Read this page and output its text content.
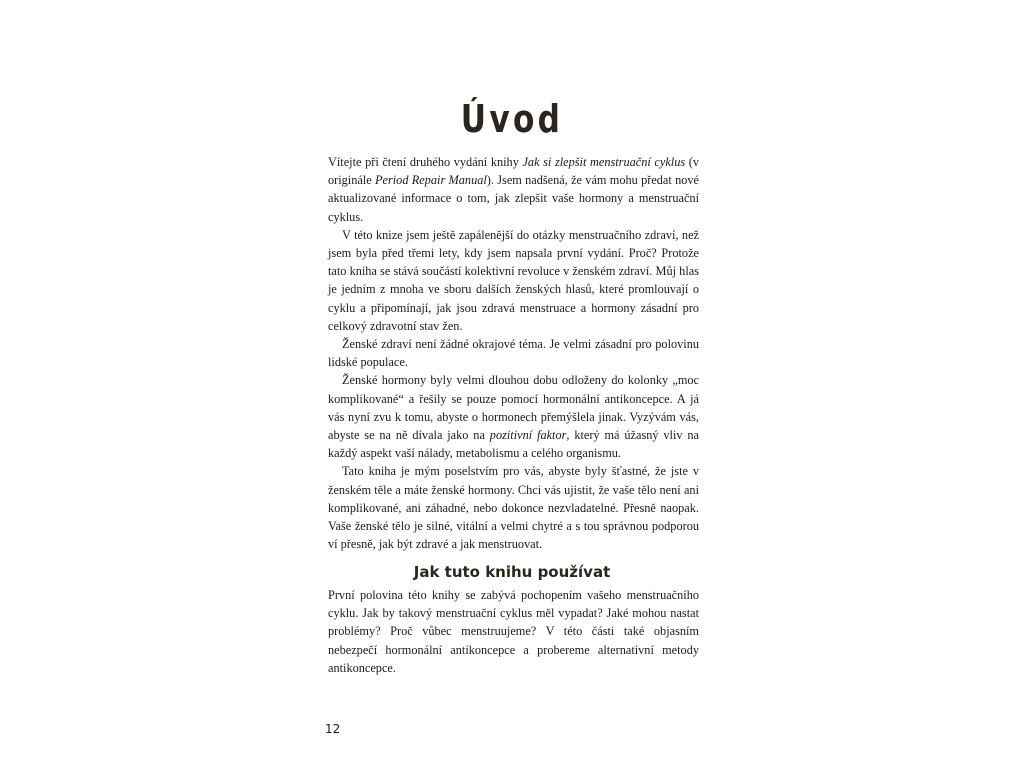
Úvod

Vítejte při čtení druhého vydání knihy Jak si zlepšit menstruační cyklus (v originále Period Repair Manual). Jsem nadšená, že vám mohu předat nové aktualizované informace o tom, jak zlepšit vaše hormony a menstruační cyklus.

V této knize jsem ještě zapálenější do otázky menstruačního zdraví, než jsem byla před třemi lety, kdy jsem napsala první vydání. Proč? Protože tato kniha se stává součástí kolektivní revoluce v ženském zdraví. Můj hlas je jedním z mnoha ve sboru dalších ženských hlasů, které promlouvají o cyklu a připomínají, jak jsou zdravá menstruace a hormony zásadní pro celkový zdravotní stav žen.

Ženské zdraví není žádné okrajové téma. Je velmi zásadní pro polovinu lidské populace.

Ženské hormony byly velmi dlouhou dobu odloženy do kolonky „moc komplikované“ a řešily se pouze pomocí hormonální antikoncepce. A já vás nyní zvu k tomu, abyste o hormonech přemýšlela jinak. Vyzývám vás, abyste se na ně dívala jako na pozitivní faktor, který má úžasný vliv na každý aspekt vaší nálady, metabolismu a celého organismu.

Tato kniha je mým poselstvím pro vás, abyste byly šťastné, že jste v ženském těle a máte ženské hormony. Chci vás ujistit, že vaše tělo není ani komplikované, ani záhadné, nebo dokonce nezvladatelné. Přesně naopak. Vaše ženské tělo je silné, vitální a velmi chytré a s tou správnou podporou ví přesně, jak být zdravé a jak menstruovat.

Jak tuto knihu používat

První polovina této knihy se zabývá pochopením vašeho menstruačního cyklu. Jak by takový menstruační cyklus měl vypadat? Jaké mohou nastat problémy? Proč vůbec menstruujeme? V této části také objasním nebezpečí hormonální antikoncepce a probereme alternativní metody antikoncepce.

12
